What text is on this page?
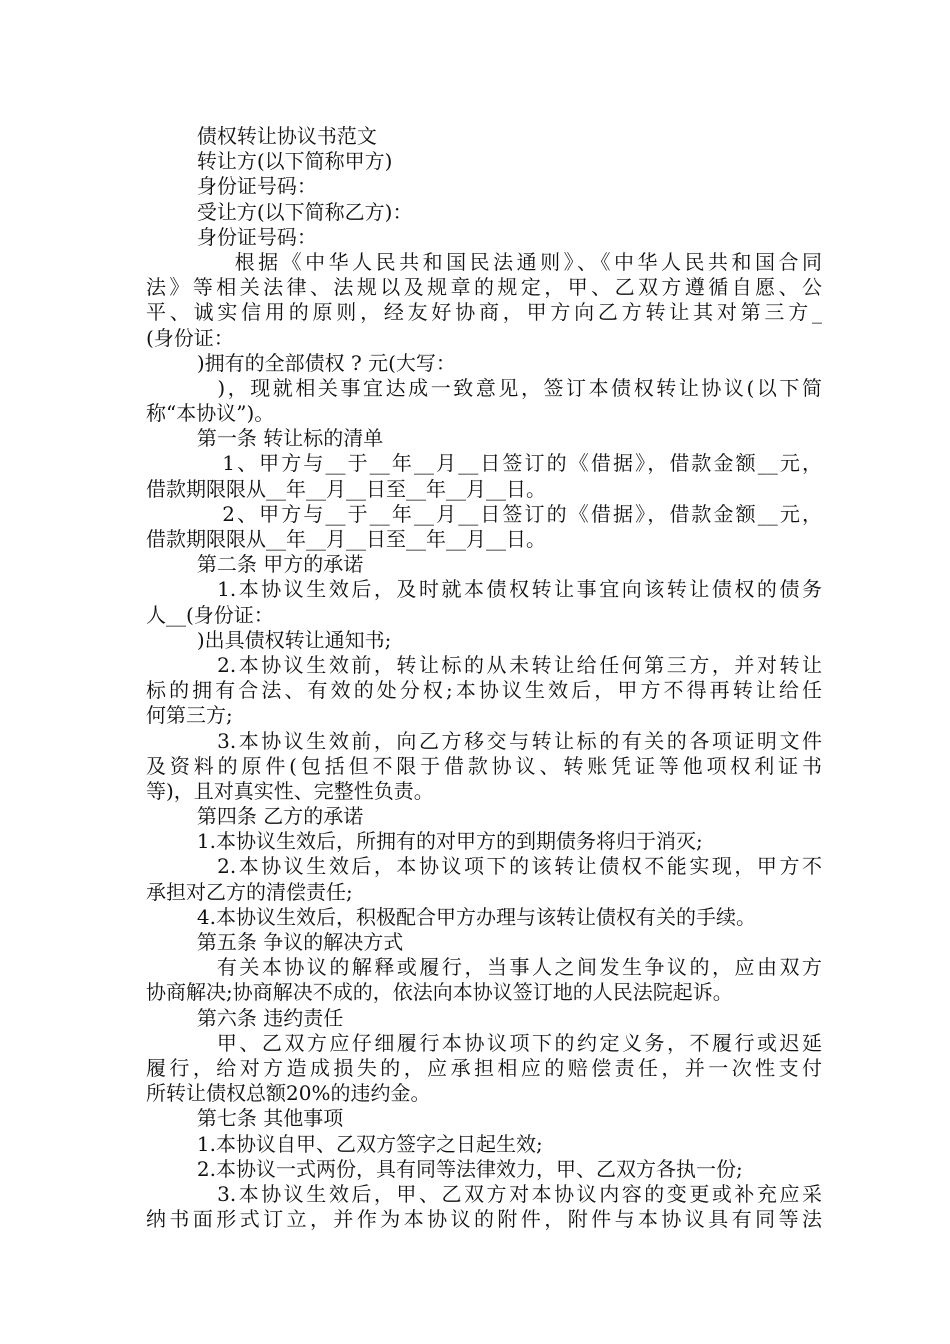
债权转让协议书范文
转让方(以下简称甲方)
身份证号码：
受让方(以下简称乙方)：
身份证号码：
根据《中华人民共和国民法通则》、《中华人民共和国合同
法》等相关法律、法规以及规章的规定，甲、乙双方遵循自愿、公
平、诚实信用的原则，经友好协商，甲方向乙方转让其对第三方_
(身份证：
)拥有的全部债权 ? 元(大写：
)，现就相关事宜达成一致意见，签订本债权转让协议(以下简
称“本协议”)。
第一条 转让标的清单
1、甲方与__于__年__月__日签订的《借据》，借款金额__元，
借款期限限从__年__月__日至__年__月__日。
2、甲方与__于__年__月__日签订的《借据》，借款金额__元，
借款期限限从__年__月__日至__年__月__日。
第二条 甲方的承诺
1.本协议生效后，及时就本债权转让事宜向该转让债权的债务
人__(身份证：
)出具债权转让通知书;
2.本协议生效前，转让标的从未转让给任何第三方，并对转让
标的拥有合法、有效的处分权;本协议生效后，甲方不得再转让给任
何第三方;
3.本协议生效前，向乙方移交与转让标的有关的各项证明文件
及资料的原件(包括但不限于借款协议、转账凭证等他项权利证书
等)，且对真实性、完整性负责。
第四条 乙方的承诺
1.本协议生效后，所拥有的对甲方的到期债务将归于消灭;
2.本协议生效后，本协议项下的该转让债权不能实现，甲方不
承担对乙方的清偿责任;
4.本协议生效后，积极配合甲方办理与该转让债权有关的手续。
第五条 争议的解决方式
有关本协议的解释或履行，当事人之间发生争议的，应由双方
协商解决;协商解决不成的，依法向本协议签订地的人民法院起诉。
第六条 违约责任
甲、乙双方应仔细履行本协议项下的约定义务，不履行或迟延
履行，给对方造成损失的，应承担相应的赔偿责任，并一次性支付
所转让债权总额20%的违约金。
第七条 其他事项
1.本协议自甲、乙双方签字之日起生效;
2.本协议一式两份，具有同等法律效力，甲、乙双方各执一份;
3.本协议生效后，甲、乙双方对本协议内容的变更或补充应采
纳书面形式订立，并作为本协议的附件，附件与本协议具有同等法
